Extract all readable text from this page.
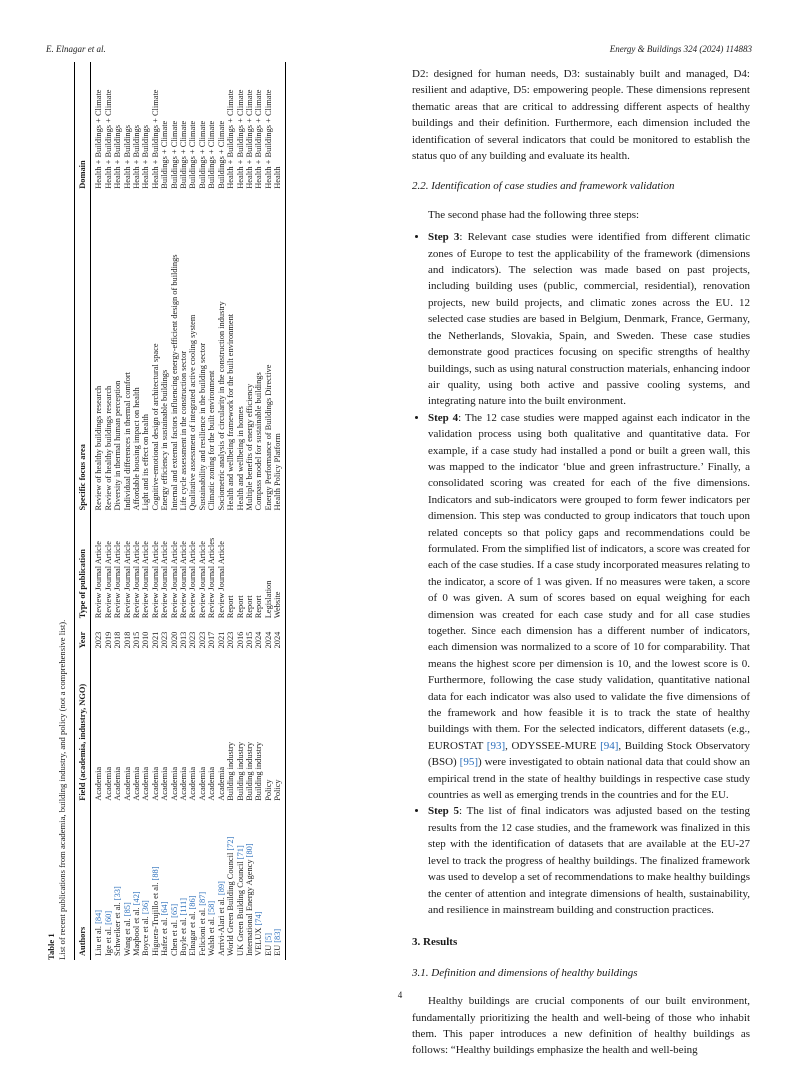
E. Elnagar et al.	Energy & Buildings 324 (2024) 114883
Table 1 List of recent publications from academia, building industry, and policy (not a comprehensive list). Authors	Field (academia, industry, NGO)	Year	Type of publication	Specific focus area	Domain
Liu et al. [84]	Academia	2023	Review Journal Article	Review of healthy buildings research	Health + Buildings + Climate
Ige et al. [60]	Academia	2019	Review Journal Article	Review of healthy buildings research	Health + Buildings + Climate
Schweiker et al. [33]	Academia	2018	Review Journal Article	Diversity in thermal human perception	Health + Buildings
Wang et al. [85]	Academia	2018	Review Journal Article	Individual differences in thermal comfort	Health + Buildings
Maqbool et al. [42]	Academia	2015	Review Journal Article	Affordable housing impact on health	Health + Buildings
Boyce et al. [36]	Academia	2010	Review Journal Article	Light and its effect on health	Health + Buildings
Higuera-Trujillo et al. [88]	Academia	2021	Review Journal Article	Cognitive-emotional design of architectural space	Health + Buildings + Climate
Hafez et al. [64]	Academia	2023	Review Journal Article	Energy efficiency in sustainable buildings	Buildings + Climate
Chen et al. [65]	Academia	2020	Review Journal Article	Internal and external factors influencing energy-efficient design of buildings	Buildings + Climate
Buyle et al. [111]	Academia	2013	Review Journal Article	Life cycle assessment in the construction sector	Buildings + Climate
Elnagar et al. [86]	Academia	2023	Review Journal Article	Qualitative assessment of integrated active cooling system	Buildings + Climate
Felicioni et al. [87]	Academia	2023	Review Journal Article	Sustainability and resilience in the building sector	Buildings + Climate
Walsh et al. [58]	Academia	2017	Review Journal Articles	Climatic zoning for the built environment	Buildings + Climate
Arrivi-Alari et al. [89]	Academia	2021	Review Journal Article	Sociometric analysis of circularity in the construction industry	Buildings + Climate
World Green Building Council [72]	Building industry	2023	Report	Health and wellbeing framework for the built environment	Health + Buildings + Climate
UK Green Building Council [71]	Building industry	2016	Report	Health and wellbeing in homes	Health + Buildings + Climate
International Energy Agency [80]	Building industry	2015	Report	Multiple benefits of energy efficiency	Health + Buildings + Climate
VELUX [74]	Building industry	2024	Report	Compass model for sustainable buildings	Health + Buildings + Climate
EU [5]	Policy	2024	Legislation	Energy Performance of Buildings Directive	Health + Buildings + Climate
EU [83]	Policy	2024	Website	Health Policy Platform	Health

D2: designed for human needs, D3: sustainably built and managed, D4: resilient and adaptive, D5: empowering people. These dimensions represent thematic areas that are critical to addressing different aspects of healthy buildings and their definition. Furthermore, each dimension included the identification of several indicators that could be monitored to establish the status quo of any building and evaluate its health.

2.2. Identification of case studies and framework validation

The second phase had the following three steps:

• Step 3: Relevant case studies were identified from different climatic zones of Europe to test the applicability of the framework (dimensions and indicators). The selection was made based on past projects, including building uses (public, commercial, residential), renovation projects, new build projects, and climatic zones across the EU. 12 selected case studies are based in Belgium, Denmark, France, Germany, the Netherlands, Slovakia, Spain, and Sweden. These case studies demonstrate good practices focusing on specific strengths of healthy buildings, such as using natural construction materials, enhancing indoor air quality, using both active and passive cooling systems, and integrating nature into the built environment.
• Step 4: The 12 case studies were mapped against each indicator in the validation process using both qualitative and quantitative data. For example, if a case study had installed a pond or built a green wall, this was mapped to the indicator ‘blue and green infrastructure.’ Finally, a consolidated scoring was created for each of the five dimensions. Indicators and sub-indicators were grouped to form fewer indicators per dimension. This step was conducted to group indicators that touch upon related concepts so that policy gaps and recommendations could be formulated. From the simplified list of indicators, a score was created for each of the case studies. If a case study incorporated measures relating to the indicator, a score of 1 was given. If no measures were taken, a score of 0 was given. A sum of scores based on equal weighing for each dimension was created for each case study and for all case studies together. Since each dimension has a different number of indicators, each dimension was normalized to a score of 10 for comparability. That means the highest score per dimension is 10, and the lowest score is 0. Furthermore, following the case study validation, quantitative national data for each indicator was also used to validate the five dimensions of the framework and how feasible it is to track the state of healthy buildings with them. For the selected indicators, different datasets (e.g., EUROSTAT [93], ODYSSEE-MURE [94], Building Stock Observatory (BSO) [95]) were investigated to obtain national data that could show an empirical trend in the state of healthy buildings in respective case study countries as well as emerging trends in the countries and for the EU.
• Step 5: The list of final indicators was adjusted based on the testing results from the 12 case studies, and the framework was finalized in this step with the identification of datasets that are available at the EU-27 level to track the progress of healthy buildings. The finalized framework was used to develop a set of recommendations to make healthy buildings the center of attention and integrate dimensions of health, sustainability, and resilience in mainstream building and construction practices.
3. Results
3.1. Definition and dimensions of healthy buildings

Healthy buildings are crucial components of our built environment, fundamentally prioritizing the health and well-being of those who inhabit them. This paper introduces a new definition of healthy buildings as follows: “Healthy buildings emphasize the health and well-being

4
